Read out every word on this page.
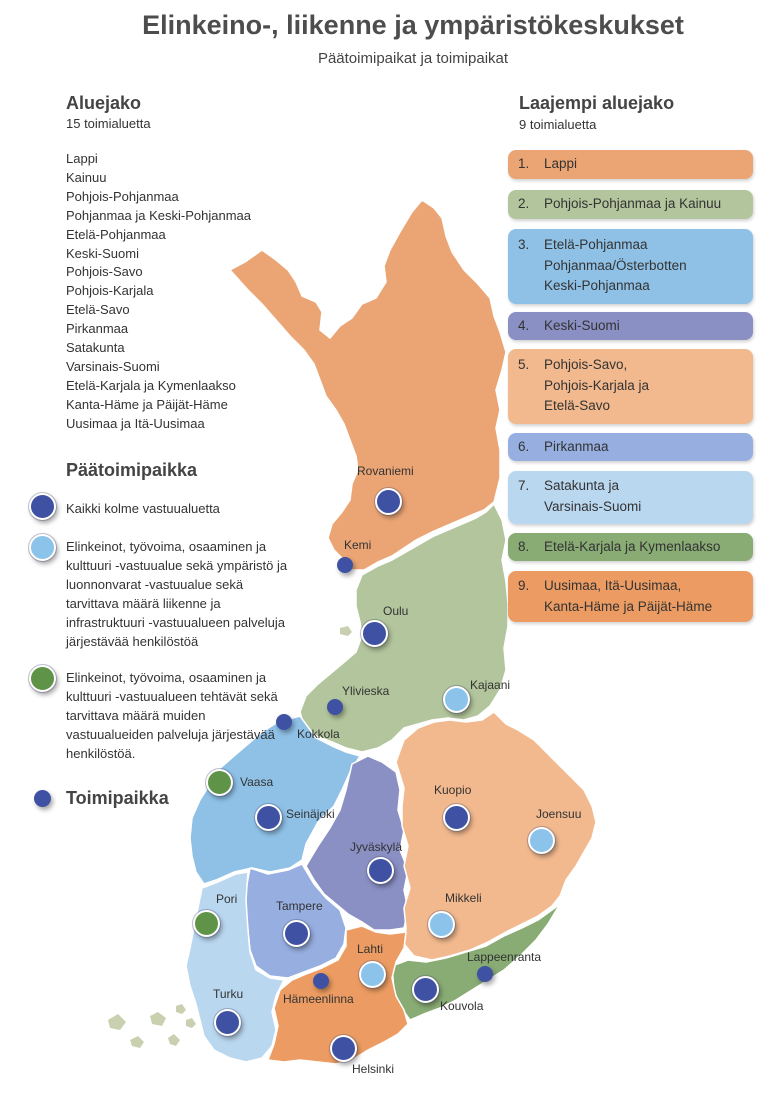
Elinkeino-, liikenne ja ympäristökeskukset
Päätoimipaikat ja toimipaikat
Aluejako
15 toimialuetta
Lappi
Kainuu
Pohjois-Pohjanmaa
Pohjanmaa ja Keski-Pohjanmaa
Etelä-Pohjanmaa
Keski-Suomi
Pohjois-Savo
Pohjois-Karjala
Etelä-Savo
Pirkanmaa
Satakunta
Varsinais-Suomi
Etelä-Karjala ja Kymenlaakso
Kanta-Häme ja Päijät-Häme
Uusimaa ja Itä-Uusimaa
Laajempi aluejako
9 toimialuetta
1.	Lappi
2.	Pohjois-Pohjanmaa ja Kainuu
3.	Etelä-Pohjanmaa
Pohjanmaa/Österbotten
Keski-Pohjanmaa
4.	Keski-Suomi
5.	Pohjois-Savo,
Pohjois-Karjala ja
Etelä-Savo
6.	Pirkanmaa
7.	Satakunta ja
Varsinais-Suomi
8.	Etelä-Karjala ja Kymenlaakso
9.	Uusimaa, Itä-Uusimaa,
Kanta-Häme ja Päijät-Häme
Päätoimipaikka
Kaikki kolme vastuualuetta
Elinkeinot, työvoima, osaaminen ja kulttuuri -vastuualue sekä ympäristö ja luonnonvarat -vastuualue sekä tarvittava määrä liikenne ja infrastruktuuri -vastuualueen palveluja järjestävää henkilöstöä
Elinkeinot, työvoima, osaaminen ja kulttuuri -vastuualueen tehtävät sekä tarvittava määrä muiden vastuualueiden palveluja järjestävää henkilöstöä.
Toimipaikka
Rovaniemi
Kemi
Oulu
Ylivieska	Kajaani
Kokkola
Vaasa
Kuopio
Joensuu
Seinäjoki
Jyväskylä
Mikkeli
Pori	Tampere
Lahti
Lappeenranta
Hämeenlinna	Kouvola
Turku
Helsinki
